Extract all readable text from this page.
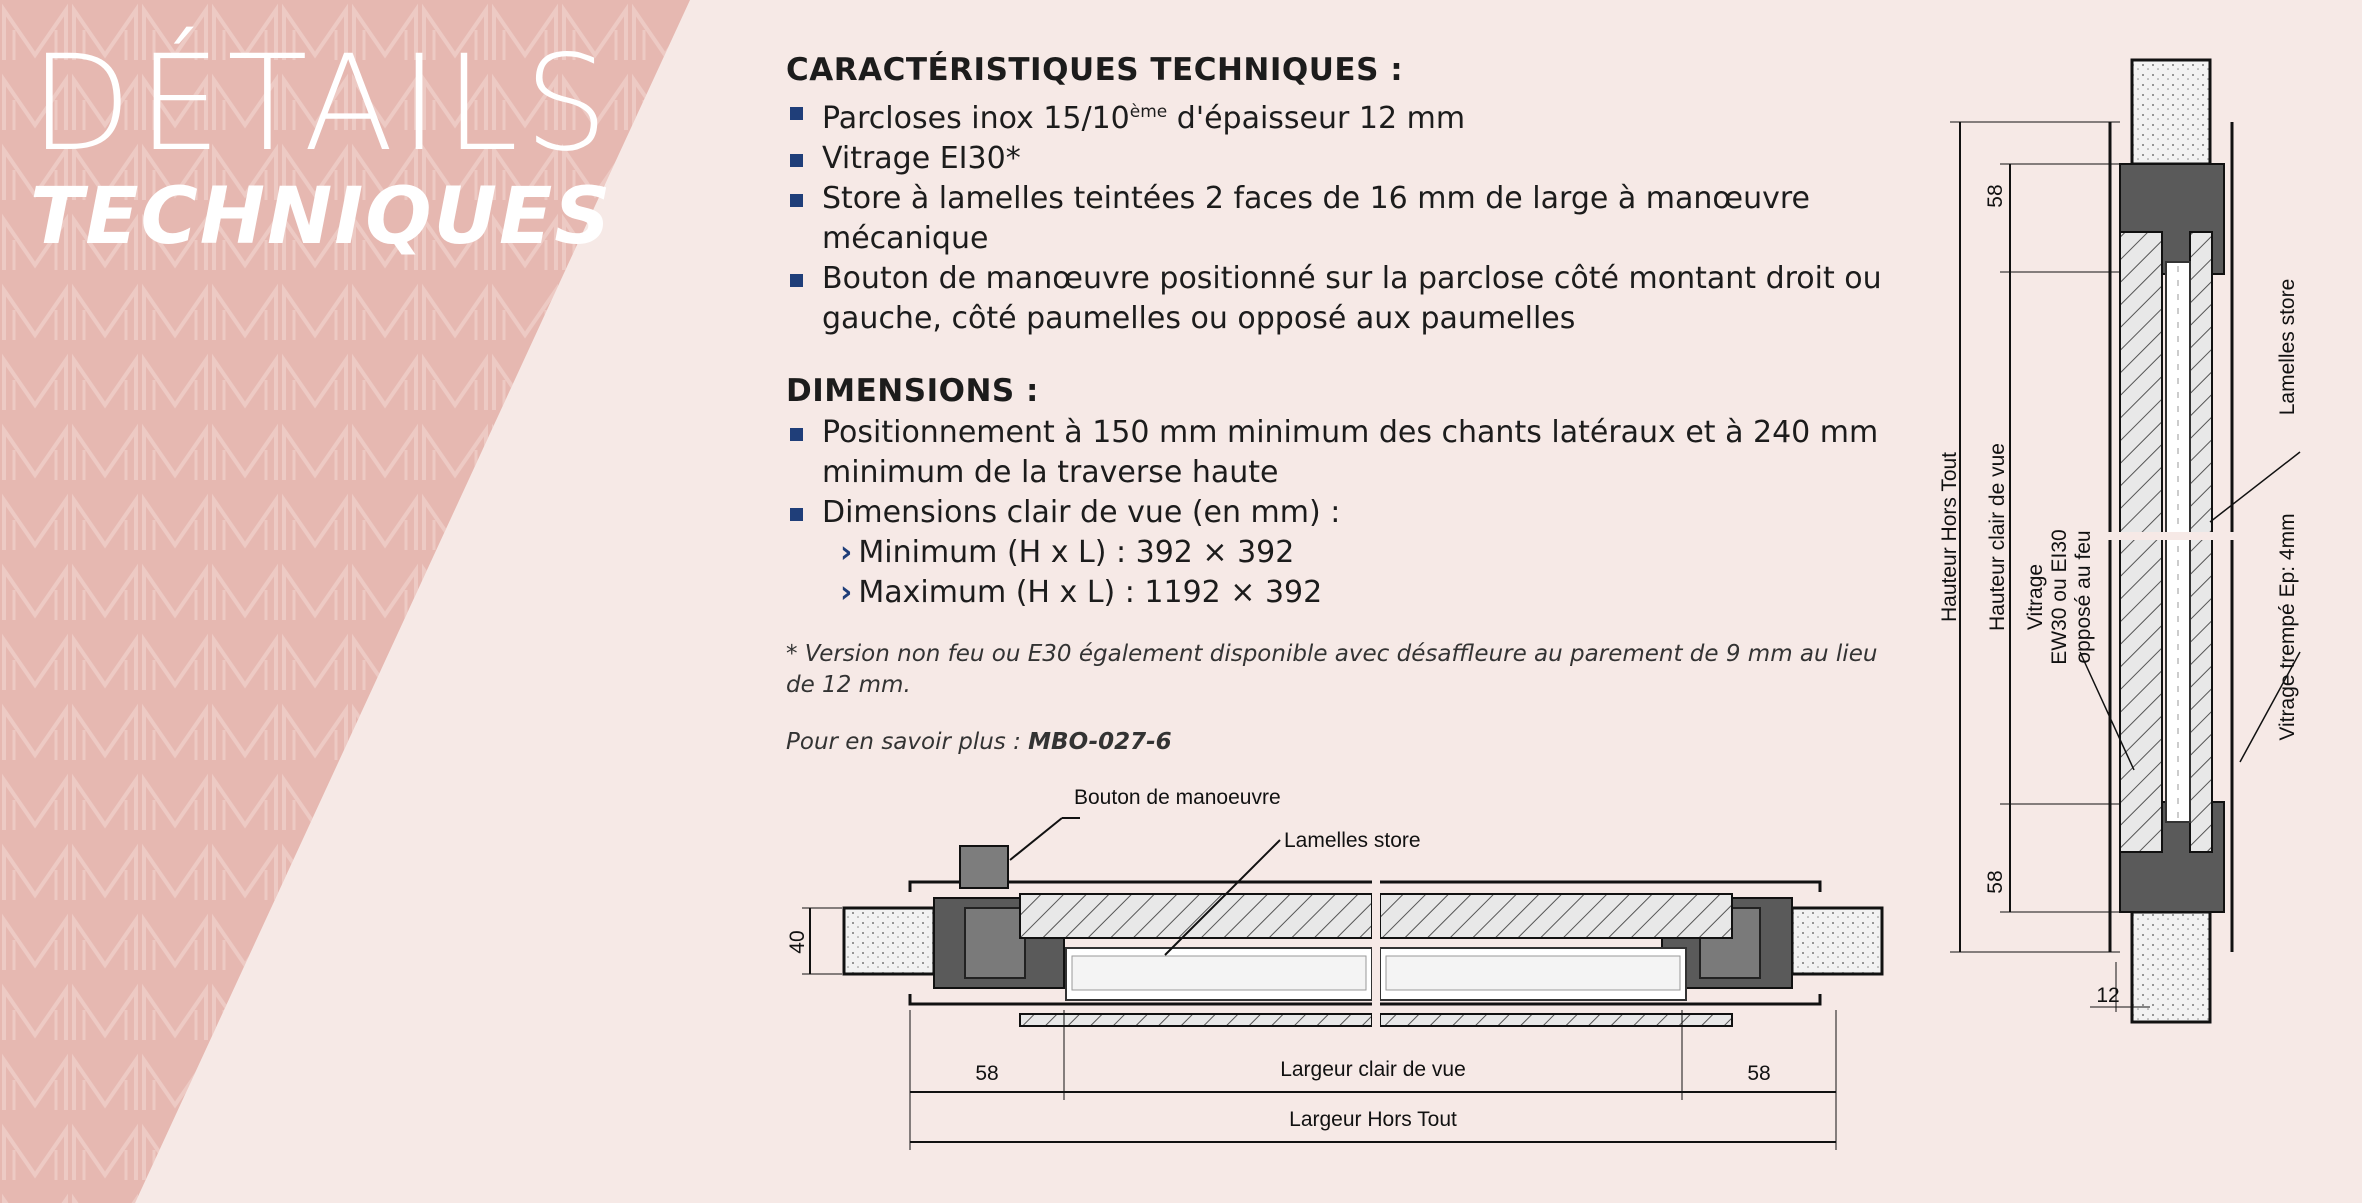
DÉTAILS
TECHNIQUES
CARACTÉRISTIQUES TECHNIQUES :
Parcloses inox 15/10ème d'épaisseur 12 mm
Vitrage EI30*
Store à lamelles teintées 2 faces de 16 mm de large à manœuvre mécanique
Bouton de manœuvre positionné sur la parclose côté montant droit ou gauche, côté paumelles ou opposé aux paumelles
DIMENSIONS :
Positionnement à 150 mm minimum des chants latéraux et à 240 mm minimum de la traverse haute
Dimensions clair de vue (en mm) :
› Minimum (H x L) : 392 × 392
› Maximum (H x L) : 1192 × 392
* Version non feu ou E30 également disponible avec désaffleure au parement de 9 mm au lieu de 12 mm.
Pour en savoir plus : MBO-027-6
Bouton de manoeuvre
Lamelles store
40
58	58
Largeur clair de vue
Largeur Hors Tout
58
58
12
Hauteur Hors Tout Hauteur clair de vue Vitrage EW30 ou EI30 opposé au feu
Lamelles store
Vitrage trempé Ep: 4mm
